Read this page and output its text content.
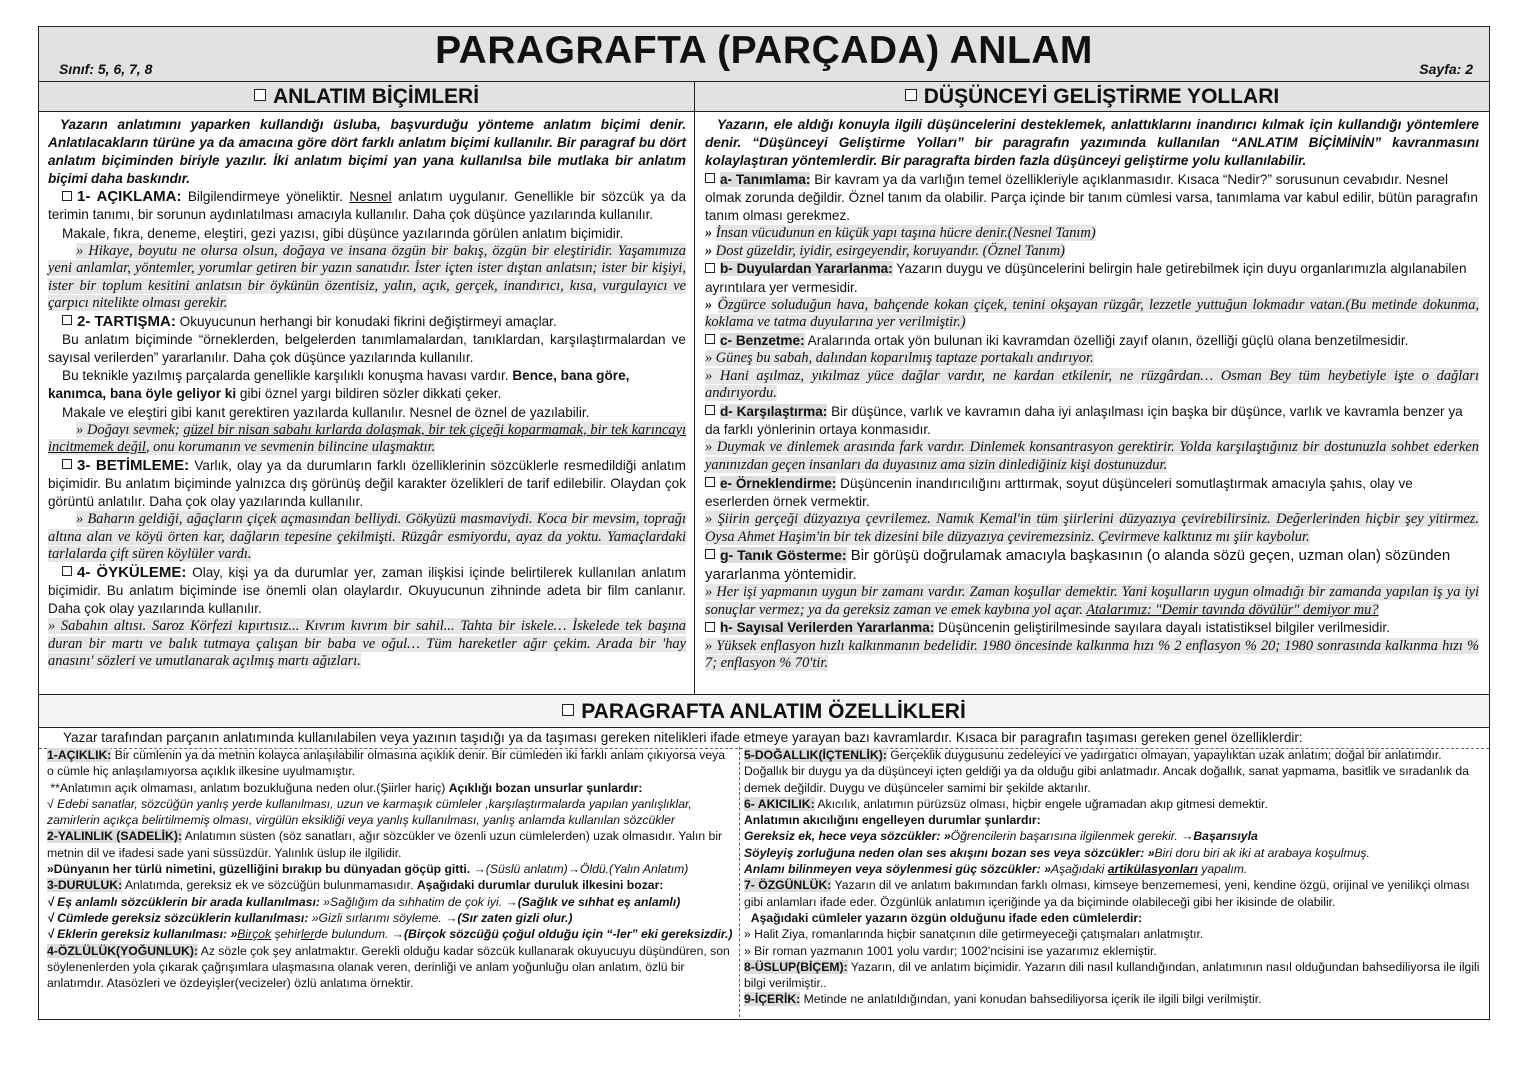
Sınıf: 5, 6, 7, 8	PARAGRAFTA (PARÇADA) ANLAM	Sayfa: 2
ANLATIM BİÇİMLERİ

Yazarın anlatımını yaparken kullandığı üsluba, başvurduğu yönteme anlatım biçimi denir. Anlatılacakların türüne ya da amacına göre dört farklı anlatım biçimi kullanılır. Bir paragraf bu dört anlatım biçiminden biriyle yazılır. İki anlatım biçimi yan yana kullanılsa bile mutlaka bir anlatım biçimi daha baskındır.

1- AÇIKLAMA: Bilgilendirmeye yöneliktir. Nesnel anlatım uygulanır. Genellikle bir sözcük ya da terimin tanımı, bir sorunun aydınlatılması amacıyla kullanılır. Daha çok düşünce yazılarında kullanılır.

Makale, fıkra, deneme, eleştiri, gezi yazısı, gibi düşünce yazılarında görülen anlatım biçimidir.

» Hikaye, boyutu ne olursa olsun, doğaya ve insana özgün bir bakış, özgün bir eleştiridir. Yaşamımıza yeni anlamlar, yöntemler, yorumlar getiren bir yazın sanatıdır. İster içten ister dıştan anlatsın; ister bir kişiyi, ister bir toplum kesitini anlatsın bir öykünün özentisiz, yalın, açık, gerçek, inandırıcı, kısa, vurgulayıcı ve çarpıcı nitelikte olması gerekir.

2- TARTIŞMA: Okuyucunun herhangi bir konudaki fikrini değiştirmeyi amaçlar.

Bu anlatım biçiminde “örneklerden, belgelerden tanımlamalardan, tanıklardan, karşılaştırmalardan ve sayısal verilerden” yararlanılır. Daha çok düşünce yazılarında kullanılır.

Bu teknikle yazılmış parçalarda genellikle karşılıklı konuşma havası vardır. Bence, bana göre, kanımca, bana öyle geliyor ki gibi öznel yargı bildiren sözler dikkati çeker.

Makale ve eleştiri gibi kanıt gerektiren yazılarda kullanılır. Nesnel de öznel de yazılabilir.

» Doğayı sevmek; güzel bir nisan sabahı kırlarda dolaşmak, bir tek çiçeği koparmamak, bir tek karıncayı incitmemek değil, onu korumanın ve sevmenin bilincine ulaşmaktır.

3- BETİMLEME: Varlık, olay ya da durumların farklı özelliklerinin sözcüklerle resmedildiği anlatım biçimidir. Bu anlatım biçiminde yalnızca dış görünüş değil karakter özelikleri de tarif edilebilir. Olaydan çok görüntü anlatılır. Daha çok olay yazılarında kullanılır.

» Baharın geldiği, ağaçların çiçek açmasından belliydi. Gökyüzü masmaviydi. Koca bir mevsim, toprağı altına alan ve köyü örten kar, dağların tepesine çekilmişti. Rüzgâr esmiyordu, ayaz da yoktu. Yamaçlardaki tarlalarda çift süren köylüler vardı.

4- ÖYKÜLEME: Olay, kişi ya da durumlar yer, zaman ilişkisi içinde belirtilerek kullanılan anlatım biçimidir. Bu anlatım biçiminde ise önemli olan olaylardır. Okuyucunun zihninde adeta bir film canlanır. Daha çok olay yazılarında kullanılır.

» Sabahın altısı. Saroz Körfezi kıpırtısız... Kıvrım kıvrım bir sahil... Tahta bir iskele… İskelede tek başına duran bir martı ve balık tutmaya çalışan bir baba ve oğul… Tüm hareketler ağır çekim. Arada bir 'hay anasını' sözleri ve umutlanarak açılmış martı ağızları.

DÜŞÜNCEYİ GELİŞTİRME YOLLARI

Yazarın, ele aldığı konuyla ilgili düşüncelerini desteklemek, anlattıklarını inandırıcı kılmak için kullandığı yöntemlere denir. “Düşünceyi Geliştirme Yolları” bir paragrafın yazımında kullanılan “ANLATIM BİÇİMİNİN” kavranmasını kolaylaştıran yöntemlerdir. Bir paragrafta birden fazla düşünceyi geliştirme yolu kullanılabilir.

a- Tanımlama: Bir kavram ya da varlığın temel özellikleriyle açıklanmasıdır. Kısaca “Nedir?” sorusunun cevabıdır. Nesnel olmak zorunda değildir. Öznel tanım da olabilir. Parça içinde bir tanım cümlesi varsa, tanımlama var kabul edilir, bütün paragrafın tanım olması gerekmez.

» İnsan vücudunun en küçük yapı taşına hücre denir.(Nesnel Tanım)

» Dost güzeldir, iyidir, esirgeyendir, koruyandır. (Öznel Tanım)

b- Duyulardan Yararlanma: Yazarın duygu ve düşüncelerini belirgin hale getirebilmek için duyu organlarımızla algılanabilen ayrıntılara yer vermesidir.

» Özgürce soluduğun hava, bahçende kokan çiçek, tenini okşayan rüzgâr, lezzetle yuttuğun lokmadır vatan.(Bu metinde dokunma, koklama ve tatma duyularına yer verilmiştir.)

c- Benzetme: Aralarında ortak yön bulunan iki kavramdan özelliği zayıf olanın, özelliği güçlü olana benzetilmesidir.

» Güneş bu sabah, dalından koparılmış taptaze portakalı andırıyor.

» Hani aşılmaz, yıkılmaz yüce dağlar vardır, ne kardan etkilenir, ne rüzgârdan… Osman Bey tüm heybetiyle işte o dağları andırıyordu.

d- Karşılaştırma: Bir düşünce, varlık ve kavramın daha iyi anlaşılması için başka bir düşünce, varlık ve kavramla benzer ya da farklı yönlerinin ortaya konmasıdır.

» Duymak ve dinlemek arasında fark vardır. Dinlemek konsantrasyon gerektirir. Yolda karşılaştığınız bir dostunuzla sohbet ederken yanınızdan geçen insanları da duyasınız ama sizin dinlediğiniz kişi dostunuzdur.

e- Örneklendirme: Düşüncenin inandırıcılığını arttırmak, soyut düşünceleri somutlaştırmak amacıyla şahıs, olay ve eserlerden örnek vermektir.

» Şiirin gerçeği düzyazıya çevrilemez. Namık Kemal'in tüm şiirlerini düzyazıya çevirebilirsiniz. Değerlerinden hiçbir şey yitirmez. Oysa Ahmet Haşim'in bir tek dizesini bile düzyazıya çeviremezsiniz. Çevirmeve kalktınız mı şiir kaybolur.

g- Tanık Gösterme: Bir görüşü doğrulamak amacıyla başkasının (o alanda sözü geçen, uzman olan) sözünden yararlanma yöntemidir.

» Her işi yapmanın uygun bir zamanı vardır. Zaman koşullar demektir. Yani koşulların uygun olmadığı bir zamanda yapılan iş ya iyi sonuçlar vermez; ya da gereksiz zaman ve emek kaybına yol açar. Atalarımız: "Demir tavında dövülür" demiyor mu?

h- Sayısal Verilerden Yararlanma: Düşüncenin geliştirilmesinde sayılara dayalı istatistiksel bilgiler verilmesidir.

» Yüksek enflasyon hızlı kalkınmanın bedelidir. 1980 öncesinde kalkınma hızı % 2 enflasyon % 20; 1980 sonrasında kalkınma hızı % 7; enflasyon % 70'tir.

PARAGRAFTA ANLATIM ÖZELLİKLERİ
Yazar tarafından parçanın anlatımında kullanılabilen veya yazının taşıdığı ya da taşıması gereken nitelikleri ifade etmeye yarayan bazı kavramlardır. Kısaca bir paragrafın taşıması gereken genel özelliklerdir:

1-AÇIKLIK: Bir cümlenin ya da metnin kolayca anlaşılabilir olmasına açıklık denir. Bir cümleden iki farklı anlam çıkıyorsa veya o cümle hiç anlaşılamıyorsa açıklık ilkesine uyulmamıştır.

**Anlatımın açık olmaması, anlatım bozukluğuna neden olur.(Şiirler hariç) Açıklığı bozan unsurlar şunlardır:

√ Edebi sanatlar, sözcüğün yanlış yerde kullanılması, uzun ve karmaşık cümleler ,karşılaştırmalarda yapılan yanlışlıklar, zamirlerin açıkça belirtilmemiş olması, virgülün eksikliği veya yanlış kullanılması, yanlış anlamda kullanılan sözcükler

2-YALINLIK (SADELİK): Anlatımın süsten (söz sanatları, ağır sözcükler ve özenli uzun cümlelerden) uzak olmasıdır. Yalın bir metnin dil ve ifadesi sade yani süssüzdür. Yalınlık üslup ile ilgilidir.

»Dünyanın her türlü nimetini, güzelliğini bırakıp bu dünyadan göçüp gitti. →(Süslü anlatım)→Öldü.(Yalın Anlatım)

3-DURULUK: Anlatımda, gereksiz ek ve sözcüğün bulunmamasıdır. Aşağıdaki durumlar duruluk ilkesini bozar:

√ Eş anlamlı sözcüklerin bir arada kullanılması: »Sağlığım da sıhhatim de çok iyi. →(Sağlık ve sıhhat eş anlamlı)

√ Cümlede gereksiz sözcüklerin kullanılması: »Gizli sırlarımı söyleme. →(Sır zaten gizli olur.)

√ Eklerin gereksiz kullanılması: »Birçok şehirlerde bulundum. →(Birçok sözcüğü çoğul olduğu için “-ler” eki gereksizdir.)

4-ÖZLÜLÜK(YOĞUNLUK): Az sözle çok şey anlatmaktır. Gerekli olduğu kadar sözcük kullanarak okuyucuyu düşündüren, son söylenenlerden yola çıkarak çağrışımlara ulaşmasına olanak veren, derinliği ve anlam yoğunluğu olan anlatım, özlü bir anlatımdır. Atasözleri ve özdeyişler(vecizeler) özlü anlatıma örnektir.

5-DOĞALLIK(İÇTENLİK): Gerçeklik duygusunu zedeleyici ve yadırgatıcı olmayan, yapaylıktan uzak anlatım; doğal bir anlatımdır. Doğallık bir duygu ya da düşünceyi içten geldiği ya da olduğu gibi anlatmadır. Ancak doğallık, sanat yapmama, basitlik ve sıradanlık da demek değildir. Duygu ve düşünceler samimi bir şekilde aktarılır.

6- AKICILIK: Akıcılık, anlatımın pürüzsüz olması, hiçbir engele uğramadan akıp gitmesi demektir.

Anlatımın akıcılığını engelleyen durumlar şunlardır:

Gereksiz ek, hece veya sözcükler: »Öğrencilerin başarısına ilgilenmek gerekir. →Başarısıyla

Söyleyiş zorluğuna neden olan ses akışını bozan ses veya sözcükler: »Biri doru biri ak iki at arabaya koşulmuş.

Anlamı bilinmeyen veya söylenmesi güç sözcükler: »Aşağıdaki artikülasyonları yapalım.

7- ÖZGÜNLÜK: Yazarın dil ve anlatım bakımından farklı olması, kimseye benzememesi, yeni, kendine özgü, orijinal ve yenilikçi olması gibi anlamları ifade eder. Özgünlük anlatımın içeriğinde ya da biçiminde olabileceği gibi her ikisinde de olabilir.

Aşağıdaki cümleler yazarın özgün olduğunu ifade eden cümlelerdir:

» Halit Ziya, romanlarında hiçbir sanatçının dile getirmeyeceği çatışmaları anlatmıştır.

» Bir roman yazmanın 1001 yolu vardır; 1002'ncisini ise yazarımız eklemiştir.

8-ÜSLUP(BİÇEM): Yazarın, dil ve anlatım biçimidir. Yazarın dili nasıl kullandığından, anlatımının nasıl olduğundan bahsediliyorsa ile ilgili bilgi verilmiştir..

9-İÇERİK: Metinde ne anlatıldığından, yani konudan bahsediliyorsa içerik ile ilgili bilgi verilmiştir.
